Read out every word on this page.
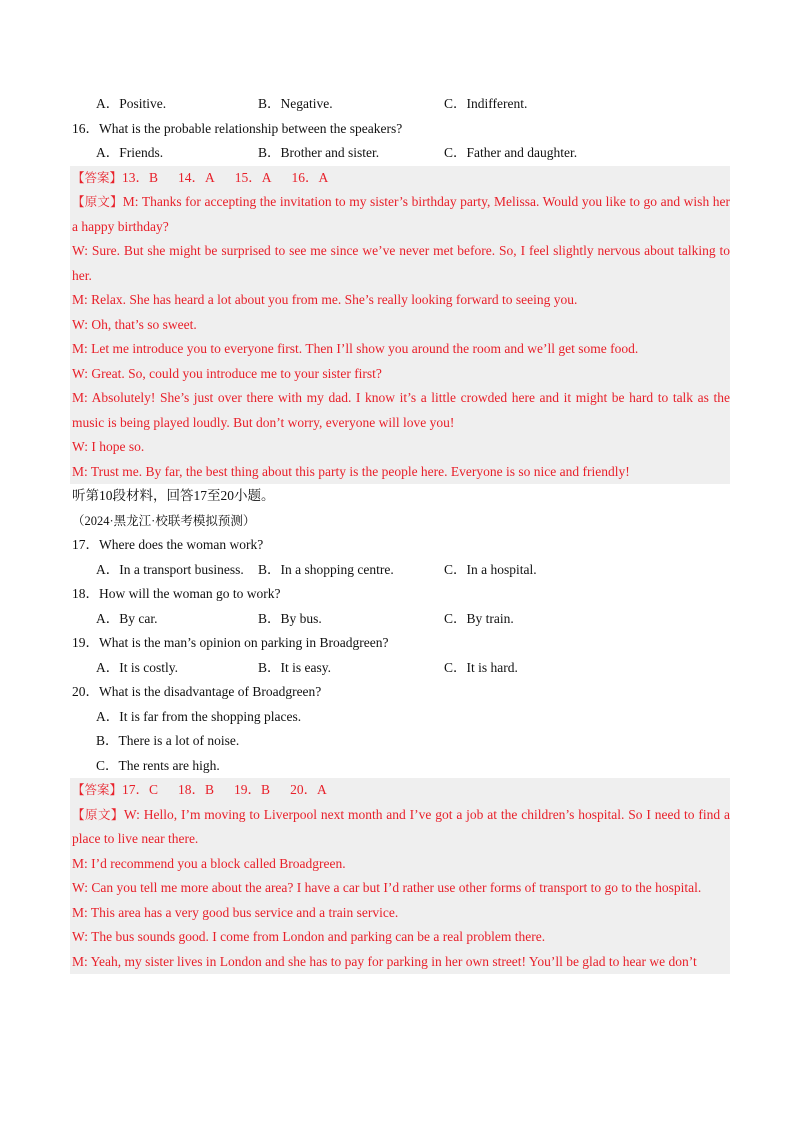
A．Positive.	B．Negative.	C．Indifferent.
16．What is the probable relationship between the speakers?
A．Friends.	B．Brother and sister.	C．Father and daughter.
【答案】13．B 14．A 15．A 16．A
【原文】M: Thanks for accepting the invitation to my sister’s birthday party, Melissa. Would you like to go and wish her a happy birthday?
W: Sure. But she might be surprised to see me since we’ve never met before. So, I feel slightly nervous about talking to her.
M: Relax. She has heard a lot about you from me. She’s really looking forward to seeing you.
W: Oh, that’s so sweet.
M: Let me introduce you to everyone first. Then I’ll show you around the room and we’ll get some food.
W: Great. So, could you introduce me to your sister first?
M: Absolutely! She’s just over there with my dad. I know it’s a little crowded here and it might be hard to talk as the music is being played loudly. But don’t worry, everyone will love you!
W: I hope so.
M: Trust me. By far, the best thing about this party is the people here. Everyone is so nice and friendly!
听第10段材料，回答17至20小题。
（2024·黑龙江·校联考模拟预测）
17．Where does the woman work?
A．In a transport business. B．In a shopping centre.	C．In a hospital.
18．How will the woman go to work?
A．By car.	B．By bus.	C．By train.
19．What is the man’s opinion on parking in Broadgreen?
A．It is costly.	B．It is easy.	C．It is hard.
20．What is the disadvantage of Broadgreen?
A．It is far from the shopping places.
B．There is a lot of noise.
C．The rents are high.
【答案】17．C 18．B 19．B 20．A
【原文】W: Hello, I’m moving to Liverpool next month and I’ve got a job at the children’s hospital. So I need to find a place to live near there.
M: I’d recommend you a block called Broadgreen.
W: Can you tell me more about the area? I have a car but I’d rather use other forms of transport to go to the hospital.
M: This area has a very good bus service and a train service.
W: The bus sounds good. I come from London and parking can be a real problem there.
M: Yeah, my sister lives in London and she has to pay for parking in her own street! You’ll be glad to hear we don’t
